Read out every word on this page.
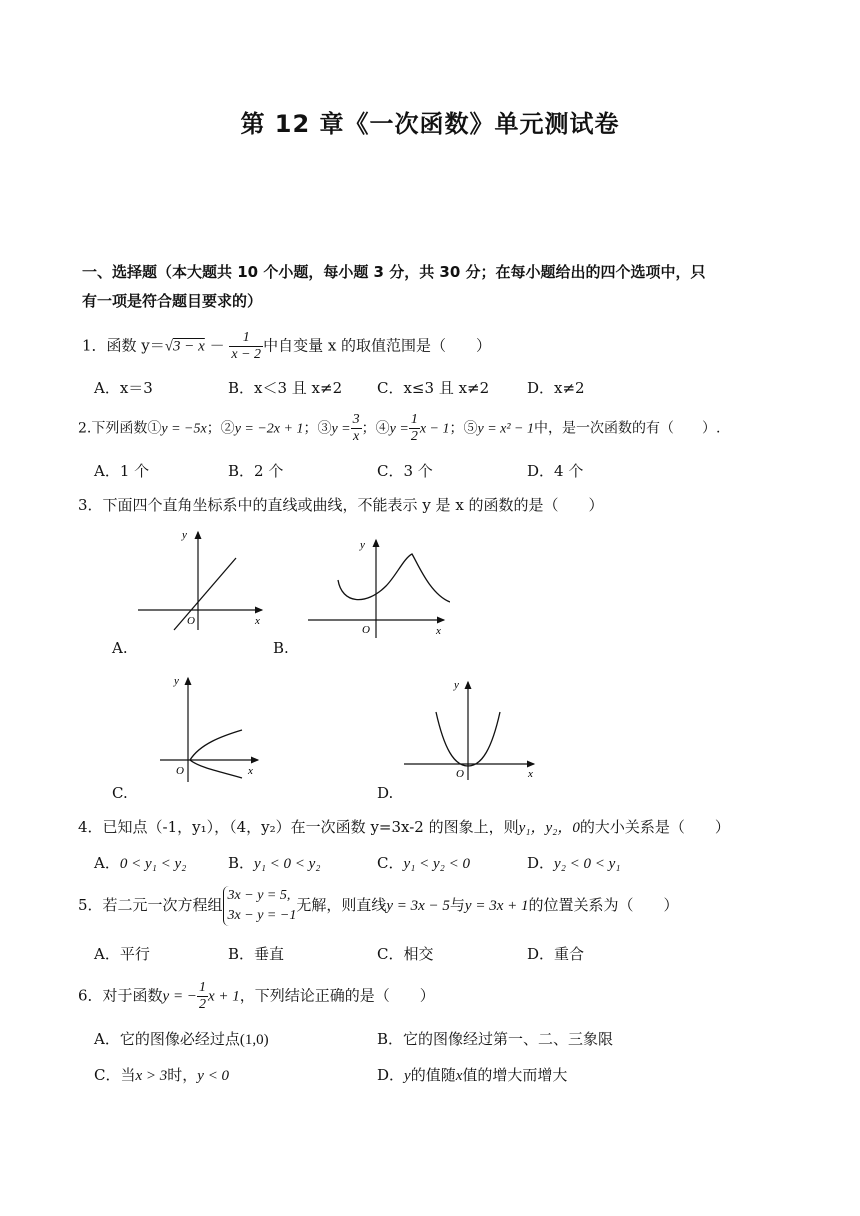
第 12 章《一次函数》单元测试卷
一、选择题（本大题共 10 个小题，每小题 3 分，共 30 分；在每小题给出的四个选项中，只
有一项是符合题目要求的）
1．函数 $y=√3 - x - \frac{1}{x - 2}$ 中自变量 x 的取值范围是（　　）
A．x＝3	B．x＜3 且 x≠2 C．x≤3 且 x≠2	D．x≠2
2.下列函数①y = −5x；②y = −2x + 1；③y = $\frac{3}{x}$ ；④y = $\frac{1}{2}$ x − 1；⑤y = x² − 1中，是一次函数的有（　　）.
A．1 个	B．2 个	C．3 个	D．4 个
3．下面四个直角坐标系中的直线或曲线，不能表示 y 是 x 的函数的是（　　）
y
x
O
A.
y
x
O
B.
y
x
O
C.
y
x
O
D.
4．已知点（-1，y₁），（4，y₂）在一次函数 y=3x-2 的图象上，则y₁，y₂，0的大小关系是（　　）
A．0 < y₁ < y₂	B．y₁ < 0 < y₂	C．y₁ < y₂ < 0	D．y₂ < 0 < y₁
5．若二元一次方程组
3x − y = 5,
3x − y = −1
无解，则直线y = 3x − 5与y = 3x + 1的位置关系为（　　）
A．平行	B．垂直	C．相交	D．重合
6．对于函数y = − $\frac{1}{2}$ x + 1，下列结论正确的是（　　）
A．它的图像必经过点(1,0)	B．它的图像经过第一、二、三象限
C．当x > 3时，y < 0	D．y的值随x值的增大而增大
